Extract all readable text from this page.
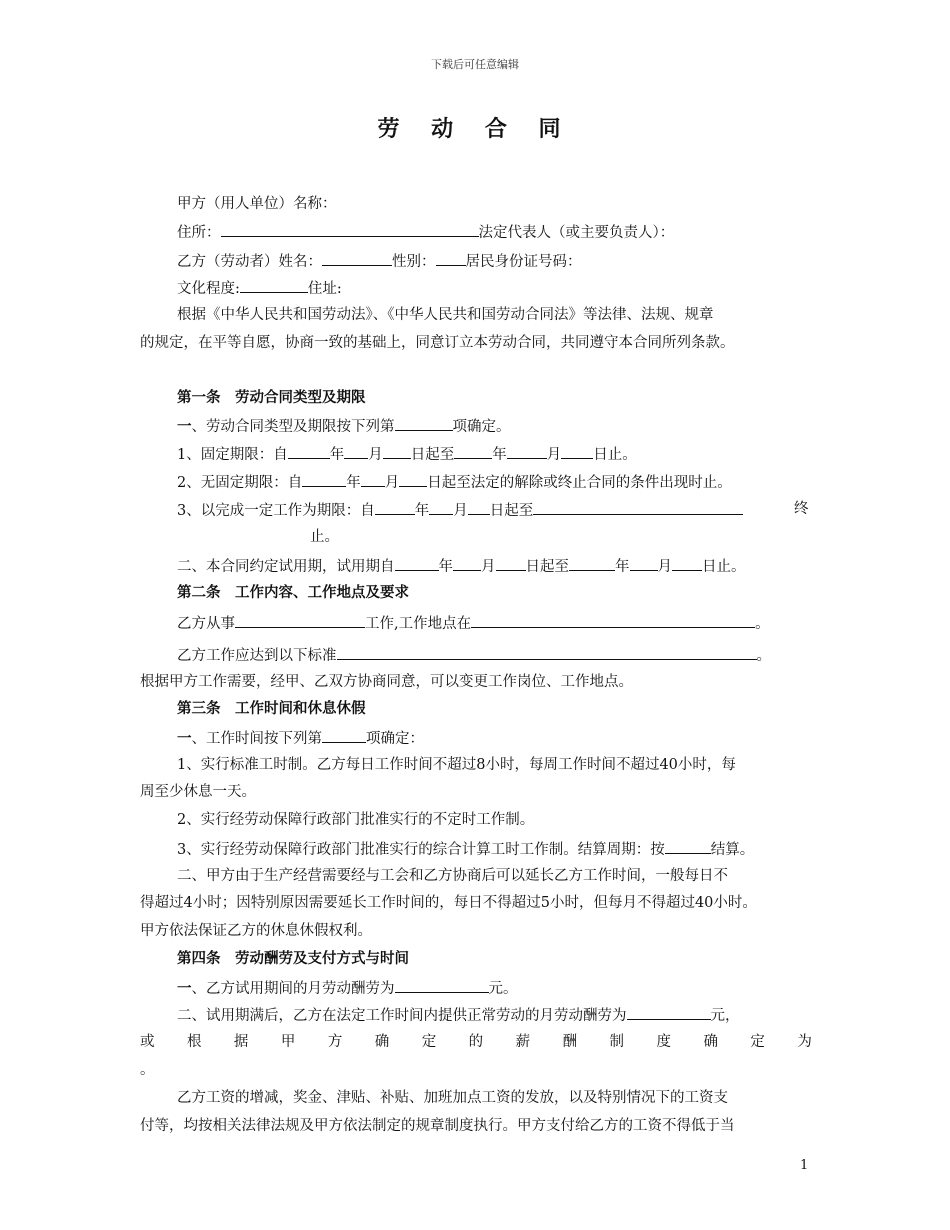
下载后可任意编辑
劳 动 合 同
甲方（用人单位）名称：
住所：	法定代表人（或主要负责人）：
乙方（劳动者）姓名：	性别： 居民身份证号码：
文化程度:	住址:
根据《中华人民共和国劳动法》、《中华人民共和国劳动合同法》等法律、法规、规章
的规定，在平等自愿，协商一致的基础上，同意订立本劳动合同，共同遵守本合同所列条款。
第一条　劳动合同类型及期限
一、劳动合同类型及期限按下列第	项确定。
1、固定期限：自	年 月 日起至	年	月 日止。
2、无固定期限：自	年 月 日起至法定的解除或终止合同的条件出现时止。
3、以完成一定工作为期限：自	年 月 日起至	终
止。
二、本合同约定试用期，试用期自	年 月 日起至	年 月 日止。
第二条　工作内容、工作地点及要求
乙方从事	工作,工作地点在	。
乙方工作应达到以下标准	。
根据甲方工作需要，经甲、乙双方协商同意，可以变更工作岗位、工作地点。
第三条　工作时间和休息休假
一、工作时间按下列第	项确定：
1、实行标准工时制。乙方每日工作时间不超过8小时，每周工作时间不超过40小时，每
周至少休息一天。
2、实行经劳动保障行政部门批准实行的不定时工作制。
3、实行经劳动保障行政部门批准实行的综合计算工时工作制。结算周期：按	结算。
二、甲方由于生产经营需要经与工会和乙方协商后可以延长乙方工作时间，一般每日不
得超过4小时；因特别原因需要延长工作时间的，每日不得超过5小时，但每月不得超过40小时。
甲方依法保证乙方的休息休假权利。
第四条　劳动酬劳及支付方式与时间
一、乙方试用期间的月劳动酬劳为	元。
二、试用期满后，乙方在法定工作时间内提供正常劳动的月劳动酬劳为	元，
或 根 据 甲 方 确 定 的 薪 酬 制 度 确 定 为
。
乙方工资的增减，奖金、津贴、补贴、加班加点工资的发放，以及特别情况下的工资支
付等，均按相关法律法规及甲方依法制定的规章制度执行。甲方支付给乙方的工资不得低于当
1
